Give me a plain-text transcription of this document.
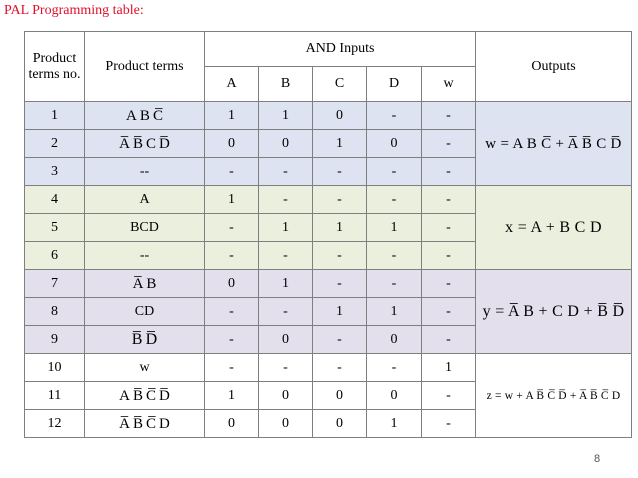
PAL Programming table:
Product terms no.	Product terms	AND Inputs					Outputs
		A	B	C	D	w	
1	A  B  C̅	1	1	0	-	-	w = A B C̅ + A̅ B̅ C D̅
2	A̅  B̅  C  D̅	0	0	1	0	-	
3	--	-	-	-	-	-	
4	A	1	-	-	-	-	x = A + B C D
5	BCD	-	1	1	1	-	
6	--	-	-	-	-	-	
7	A̅  B	0	1	-	-	-	y = A̅ B + C D + B̅ D̅
8	CD	-	-	1	1	-	
9	B̅  D̅	-	0	-	0	-	
10	w	-	-	-	-	1	z = w + A B̅ C̅ D̅ + A̅ B̅ C̅ D
11	A  B̅  C̅  D̅	1	0	0	0	-	
12	A̅  B̅  C̅  D	0	0	0	1	-	
8
